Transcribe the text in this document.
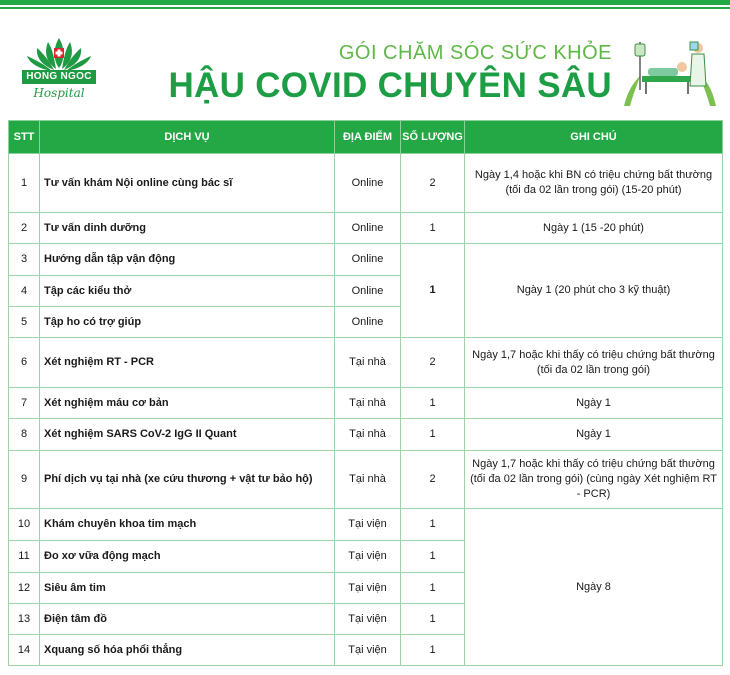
HONG NGOC
Hospital
GÓI CHĂM SÓC SỨC KHỎE
HẬU COVID CHUYÊN SÂU
STT	DỊCH VỤ	ĐỊA ĐIỂM	SỐ LƯỢNG	GHI CHÚ
1	Tư vấn khám Nội online cùng bác sĩ	Online	2	Ngày 1,4 hoặc khi BN có triệu chứng bất thường (tối đa 02 lần trong gói) (15-20 phút)
2	Tư vấn dinh dưỡng	Online	1	Ngày 1 (15 -20 phút)
3	Hướng dẫn tập vận động	Online	1	Ngày 1 (20 phút cho 3 kỹ thuật)
4	Tập các kiểu thở	Online		
5	Tập ho có trợ giúp	Online		
6	Xét nghiệm RT - PCR	Tại nhà	2	Ngày 1,7 hoặc khi thấy có triệu chứng bất thường (tối đa 02 lần trong gói)
7	Xét nghiệm máu cơ bản	Tại nhà	1	Ngày 1
8	Xét nghiệm SARS CoV-2 IgG II Quant	Tại nhà	1	Ngày 1
9	Phí dịch vụ tại nhà (xe cứu thương + vật tư bảo hộ)	Tại nhà	2	Ngày 1,7 hoặc khi thấy có triệu chứng bất thường (tối đa 02 lần trong gói) (cùng ngày Xét nghiệm RT - PCR)
10	Khám chuyên khoa tim mạch	Tại viện	1	Ngày 8
11	Đo xơ vữa động mạch	Tại viện	1	
12	Siêu âm tim	Tại viện	1	
13	Điện tâm đồ	Tại viện	1	
14	Xquang số hóa phổi thẳng	Tại viện	1	
